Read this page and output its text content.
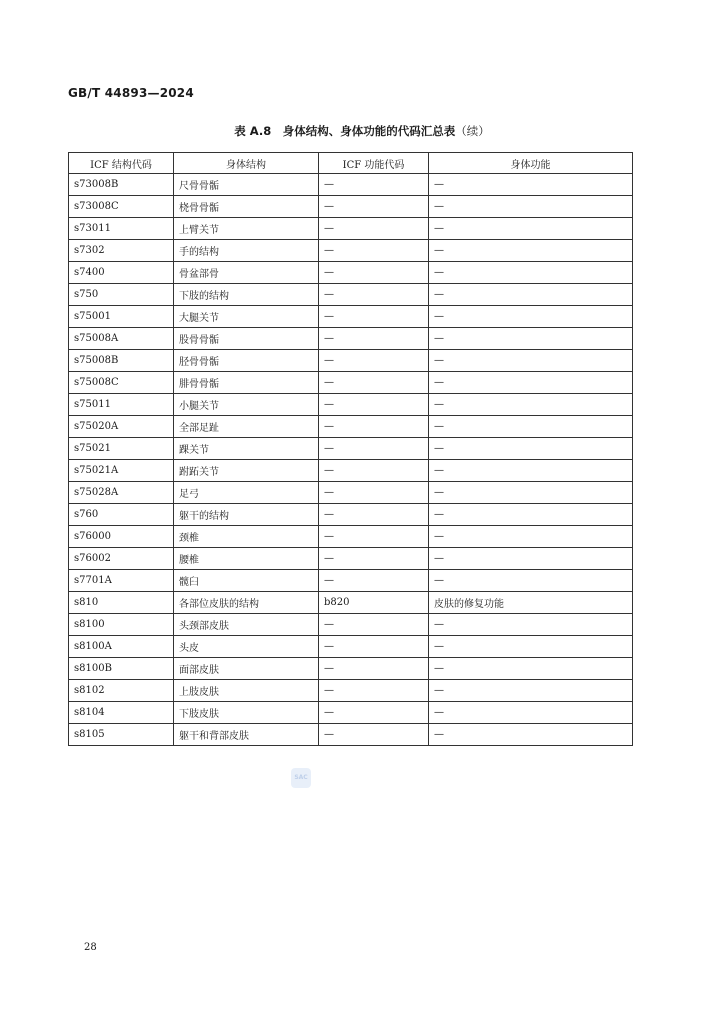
GB/T 44893—2024
表 A.8　身体结构、身体功能的代码汇总表（续）
ICF 结构代码	身体结构	ICF 功能代码	身体功能
s73008B	尺骨骨骺	—	—
s73008C	桡骨骨骺	—	—
s73011	上臂关节	—	—
s7302	手的结构	—	—
s7400	骨盆部骨	—	—
s750	下肢的结构	—	—
s75001	大腿关节	—	—
s75008A	股骨骨骺	—	—
s75008B	胫骨骨骺	—	—
s75008C	腓骨骨骺	—	—
s75011	小腿关节	—	—
s75020A	全部足趾	—	—
s75021	踝关节	—	—
s75021A	跗跖关节	—	—
s75028A	足弓	—	—
s760	躯干的结构	—	—
s76000	颈椎	—	—
s76002	腰椎	—	—
s7701A	髋臼	—	—
s810	各部位皮肤的结构	b820	皮肤的修复功能
s8100	头颈部皮肤	—	—
s8100A	头皮	—	—
s8100B	面部皮肤	—	—
s8102	上肢皮肤	—	—
s8104	下肢皮肤	—	—
s8105	躯干和背部皮肤	—	—
SAC
28
